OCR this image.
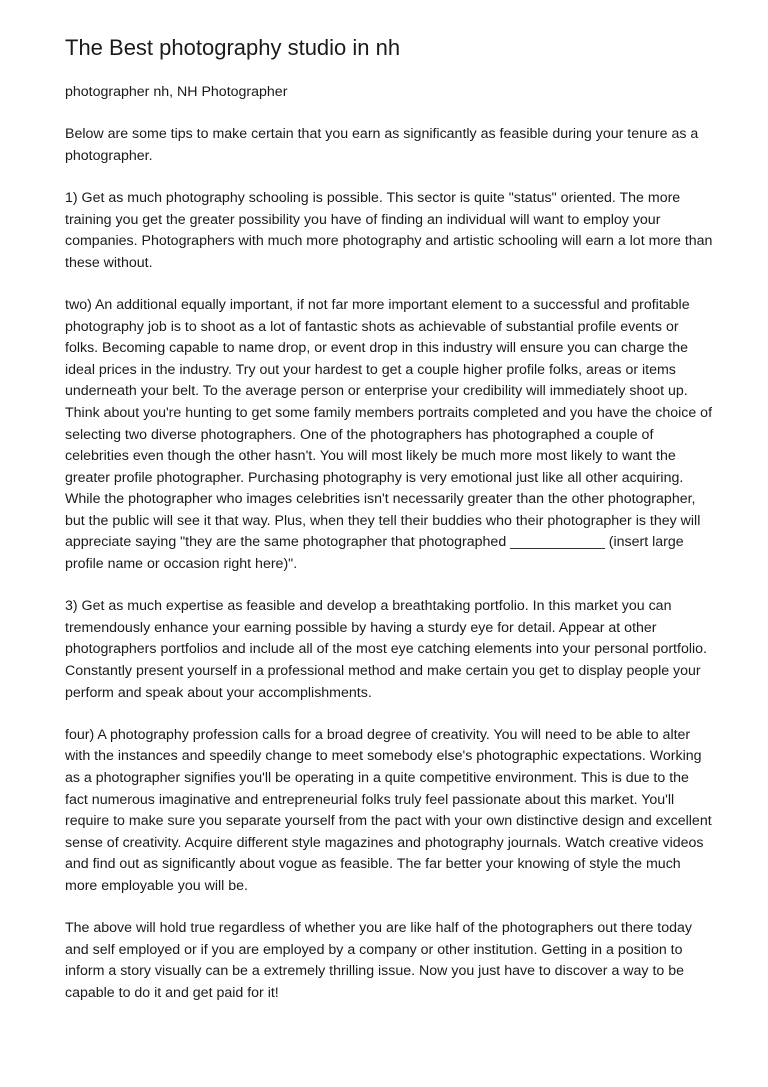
The Best photography studio in nh

photographer nh, NH Photographer

Below are some tips to make certain that you earn as significantly as feasible during your tenure as a photographer.

1) Get as much photography schooling is possible. This sector is quite "status" oriented. The more training you get the greater possibility you have of finding an individual will want to employ your companies. Photographers with much more photography and artistic schooling will earn a lot more than these without.

two) An additional equally important, if not far more important element to a successful and profitable photography job is to shoot as a lot of fantastic shots as achievable of substantial profile events or folks. Becoming capable to name drop, or event drop in this industry will ensure you can charge the ideal prices in the industry. Try out your hardest to get a couple higher profile folks, areas or items underneath your belt. To the average person or enterprise your credibility will immediately shoot up. Think about you're hunting to get some family members portraits completed and you have the choice of selecting two diverse photographers. One of the photographers has photographed a couple of celebrities even though the other hasn't. You will most likely be much more most likely to want the greater profile photographer. Purchasing photography is very emotional just like all other acquiring. While the photographer who images celebrities isn't necessarily greater than the other photographer, but the public will see it that way. Plus, when they tell their buddies who their photographer is they will appreciate saying "they are the same photographer that photographed ____________ (insert large profile name or occasion right here)".

3) Get as much expertise as feasible and develop a breathtaking portfolio. In this market you can tremendously enhance your earning possible by having a sturdy eye for detail. Appear at other photographers portfolios and include all of the most eye catching elements into your personal portfolio. Constantly present yourself in a professional method and make certain you get to display people your perform and speak about your accomplishments.

four) A photography profession calls for a broad degree of creativity. You will need to be able to alter with the instances and speedily change to meet somebody else's photographic expectations. Working as a photographer signifies you'll be operating in a quite competitive environment. This is due to the fact numerous imaginative and entrepreneurial folks truly feel passionate about this market. You'll require to make sure you separate yourself from the pact with your own distinctive design and excellent sense of creativity. Acquire different style magazines and photography journals. Watch creative videos and find out as significantly about vogue as feasible. The far better your knowing of style the much more employable you will be.

The above will hold true regardless of whether you are like half of the photographers out there today and self employed or if you are employed by a company or other institution. Getting in a position to inform a story visually can be a extremely thrilling issue. Now you just have to discover a way to be capable to do it and get paid for it!
